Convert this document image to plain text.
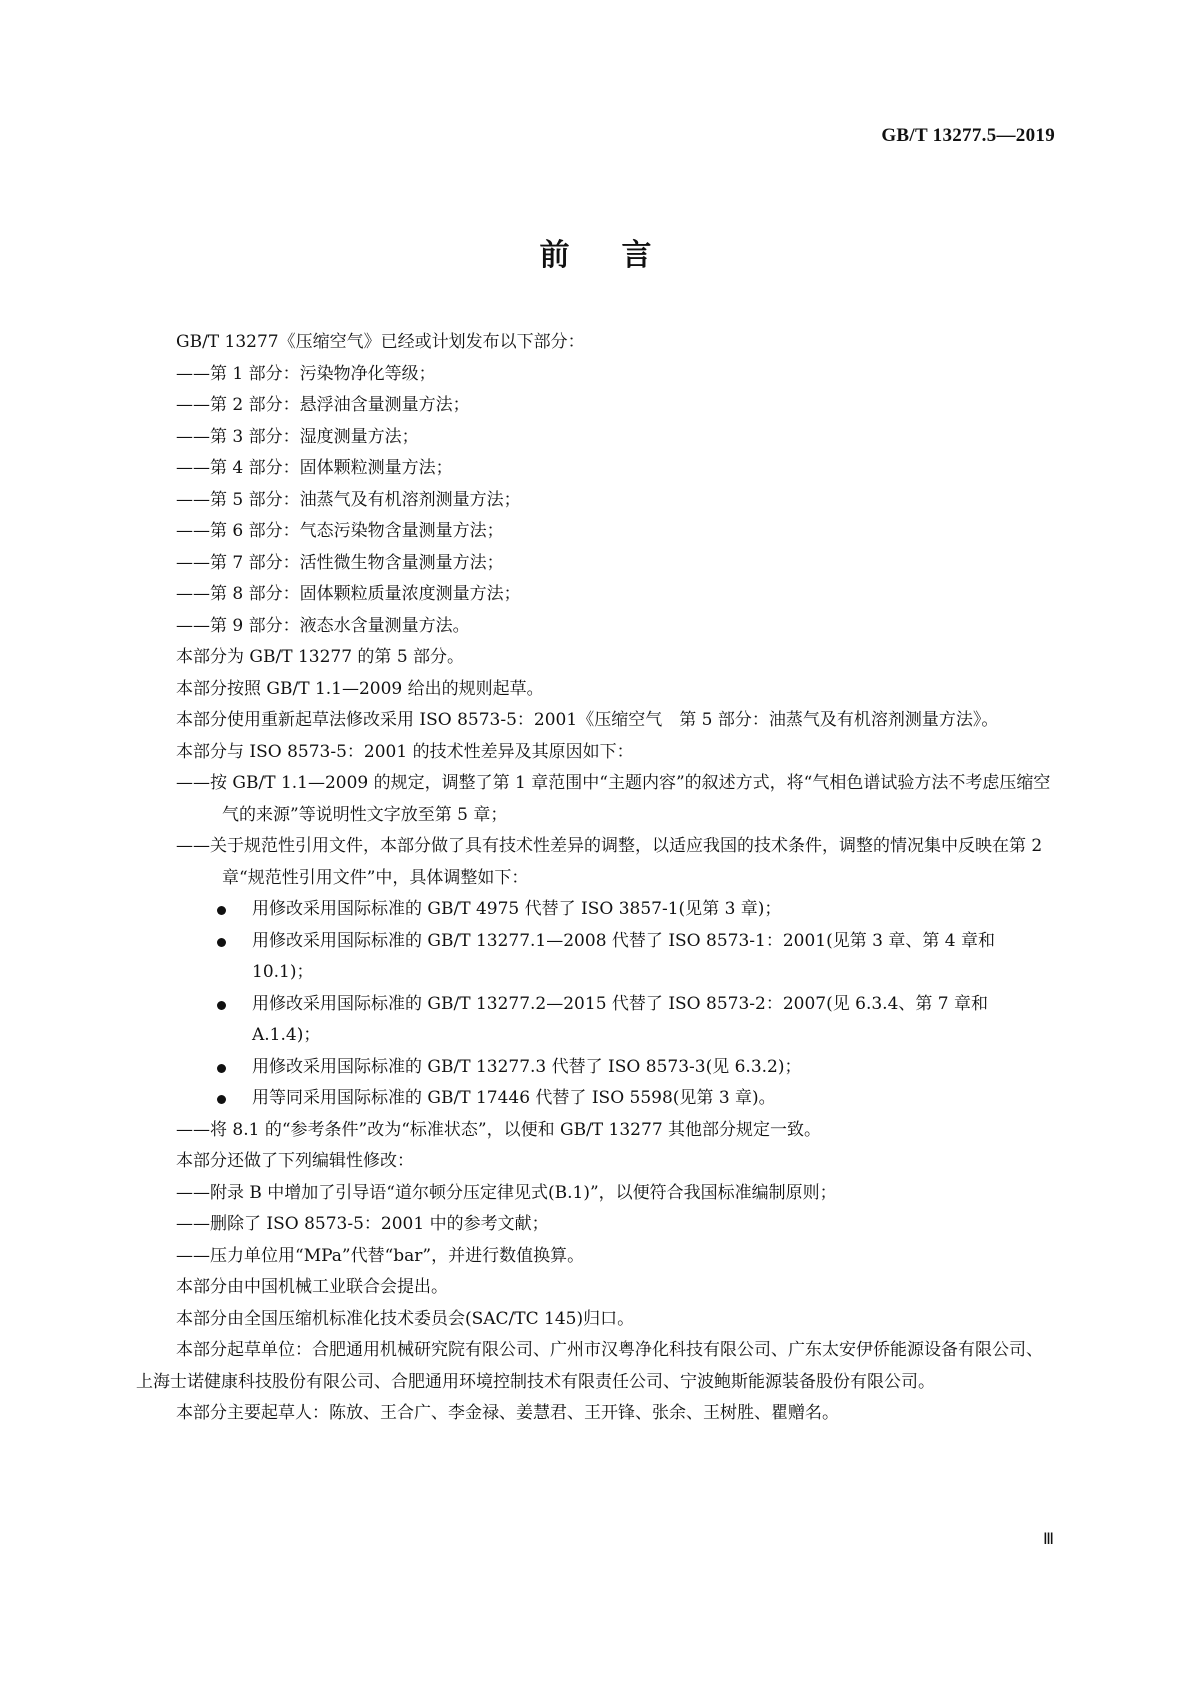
GB/T 13277.5—2019
前 言

GB/T 13277《压缩空气》已经或计划发布以下部分：

——第 1 部分：污染物净化等级；

——第 2 部分：悬浮油含量测量方法；

——第 3 部分：湿度测量方法；

——第 4 部分：固体颗粒测量方法；

——第 5 部分：油蒸气及有机溶剂测量方法；

——第 6 部分：气态污染物含量测量方法；

——第 7 部分：活性微生物含量测量方法；

——第 8 部分：固体颗粒质量浓度测量方法；

——第 9 部分：液态水含量测量方法。

本部分为 GB/T 13277 的第 5 部分。

本部分按照 GB/T 1.1—2009 给出的规则起草。

本部分使用重新起草法修改采用 ISO 8573-5：2001《压缩空气　第 5 部分：油蒸气及有机溶剂测量方法》。

本部分与 ISO 8573-5：2001 的技术性差异及其原因如下：

——按 GB/T 1.1—2009 的规定，调整了第 1 章范围中“主题内容”的叙述方式，将“气相色谱试验方法不考虑压缩空气的来源”等说明性文字放至第 5 章；

——关于规范性引用文件，本部分做了具有技术性差异的调整，以适应我国的技术条件，调整的情况集中反映在第 2 章“规范性引用文件”中，具体调整如下：

用修改采用国际标准的 GB/T 4975 代替了 ISO 3857-1(见第 3 章)；

用修改采用国际标准的 GB/T 13277.1—2008 代替了 ISO 8573-1：2001(见第 3 章、第 4 章和 10.1)；

用修改采用国际标准的 GB/T 13277.2—2015 代替了 ISO 8573-2：2007(见 6.3.4、第 7 章和 A.1.4)；

用修改采用国际标准的 GB/T 13277.3 代替了 ISO 8573-3(见 6.3.2)；

用等同采用国际标准的 GB/T 17446 代替了 ISO 5598(见第 3 章)。

——将 8.1 的“参考条件”改为“标准状态”，以便和 GB/T 13277 其他部分规定一致。

本部分还做了下列编辑性修改：

——附录 B 中增加了引导语“道尔顿分压定律见式(B.1)”，以便符合我国标准编制原则；

——删除了 ISO 8573-5：2001 中的参考文献；

——压力单位用“MPa”代替“bar”，并进行数值换算。

本部分由中国机械工业联合会提出。

本部分由全国压缩机标准化技术委员会(SAC/TC 145)归口。

本部分起草单位：合肥通用机械研究院有限公司、广州市汉粤净化科技有限公司、广东太安伊侨能源设备有限公司、上海士诺健康科技股份有限公司、合肥通用环境控制技术有限责任公司、宁波鲍斯能源装备股份有限公司。

本部分主要起草人：陈放、王合广、李金禄、姜慧君、王开锋、张余、王树胜、瞿赠名。

Ⅲ
